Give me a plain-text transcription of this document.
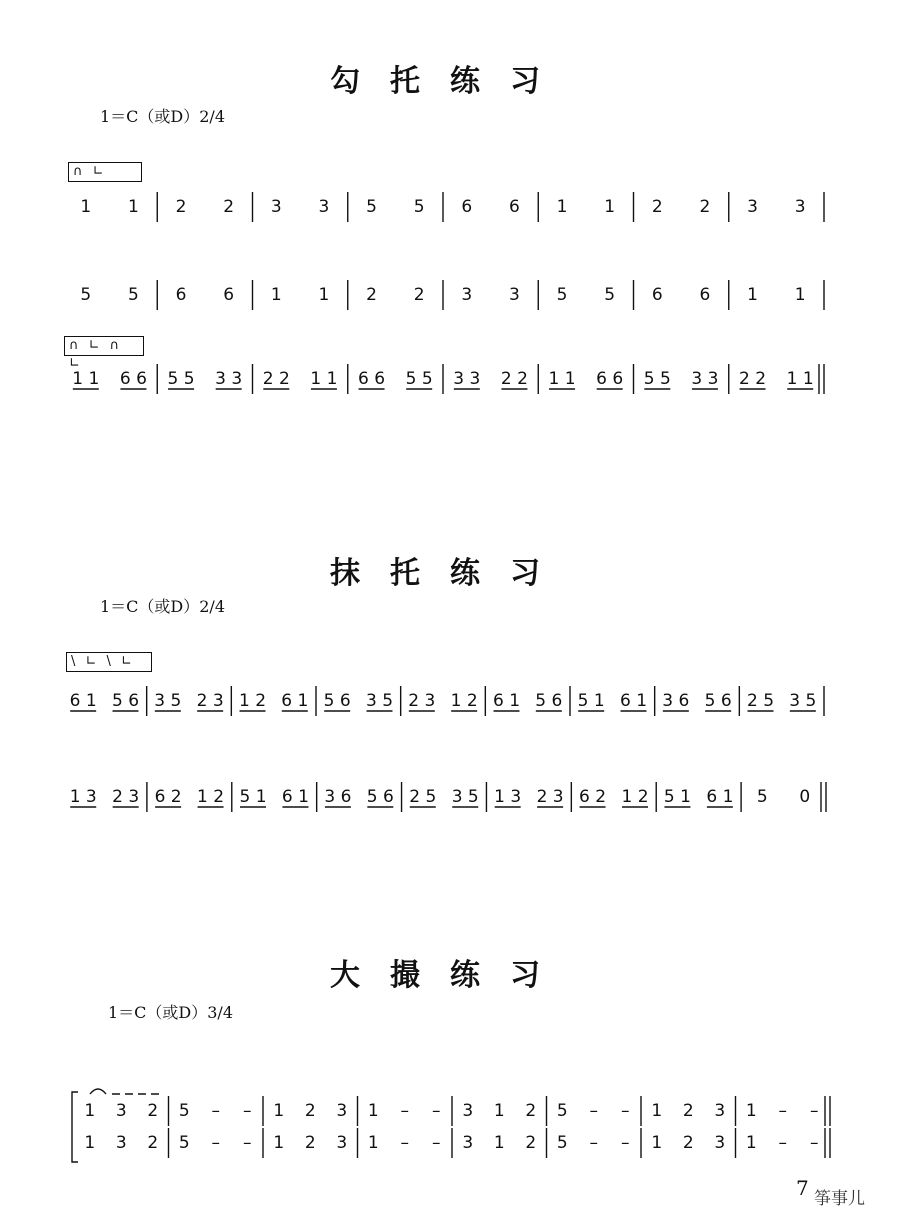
勾托练习
1＝C（或D）2/4
∩ ∟
∩ ∟ ∩ ∟
抹托练习
1＝C（或D）2/4
\ ∟ \ ∟
大撮练习
1＝C（或D）3/4
1 1 2 2 3 3 5 5 6 6 1 1 2 2 3 3
5 5 6 6 1 1 2 2 3 3 5 5 6 6 1 1
1 1 6 6 5 5 3 3 2 2 1 1 6 6 5 5 3 3 2 2 1 1 6 6 5 5 3 3 2 2 1 1
6 1 5 6 3 5 2 3 1 2 6 1 5 6 3 5 2 3 1 2 6 1 5 6 5 1 6 1 3 6 5 6 2 5 3 5
1 3 2 3 6 2 1 2 5 1 6 1 3 6 5 6 2 5 3 5 1 3 2 3 6 2 1 2 5 1 6 1 5 0
1 3 2 5 – – 1 2 3 1 – – 3 1 2 5 – – 1 2 3 1 – –
1 3 2 5 – – 1 2 3 1 – – 3 1 2 5 – – 1 2 3 1 – –
7 筝事儿
